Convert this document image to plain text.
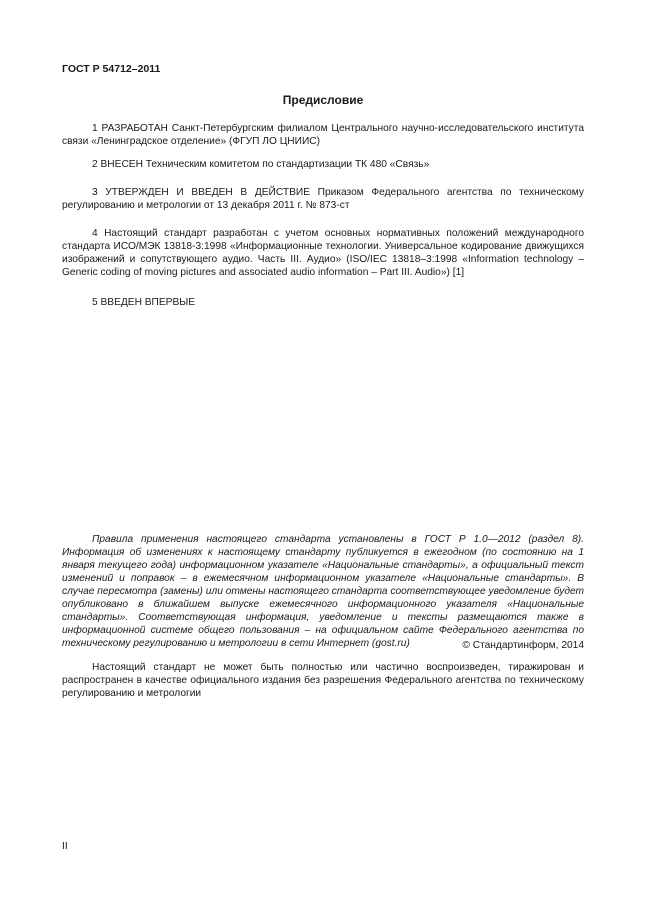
ГОСТ Р 54712–2011
Предисловие

1 РАЗРАБОТАН Санкт-Петербургским филиалом Центрального научно-исследовательского института связи «Ленинградское отделение» (ФГУП ЛО ЦНИИС)

2 ВНЕСЕН Техническим комитетом по стандартизации ТК 480 «Связь»

3 УТВЕРЖДЕН И ВВЕДЕН В ДЕЙСТВИЕ Приказом Федерального агентства по техническому регулированию и метрологии от 13 декабря 2011 г. № 873-ст

4 Настоящий стандарт разработан с учетом основных нормативных положений международного стандарта ИСО/МЭК 13818-3:1998 «Информационные технологии. Универсальное кодирование движущихся изображений и сопутствующего аудио. Часть III. Аудио» (ISO/IEC 13818–3:1998 «Information technology – Generic coding of moving pictures and associated audio information – Part III. Audio») [1]

5 ВВЕДЕН ВПЕРВЫЕ

Правила применения настоящего стандарта установлены в ГОСТ Р 1.0—2012 (раздел 8). Информация об изменениях к настоящему стандарту публикуется в ежегодном (по состоянию на 1 января текущего года) информационном указателе «Национальные стандарты», а официальный текст изменений и поправок – в ежемесячном информационном указателе «Национальные стандарты». В случае пересмотра (замены) или отмены настоящего стандарта соответствующее уведомление будет опубликовано в ближайшем выпуске ежемесячного информационного указателя «Национальные стандарты». Соответствующая информация, уведомление и тексты размещаются также в информационной системе общего пользования – на официальном сайте Федерального агентства по техническому регулированию и метрологии в сети Интернет (gost.ru)	© Стандартинформ, 2014

Настоящий стандарт не может быть полностью или частично воспроизведен, тиражирован и распространен в качестве официального издания без разрешения Федерального агентства по техническому регулированию и метрологии

II
